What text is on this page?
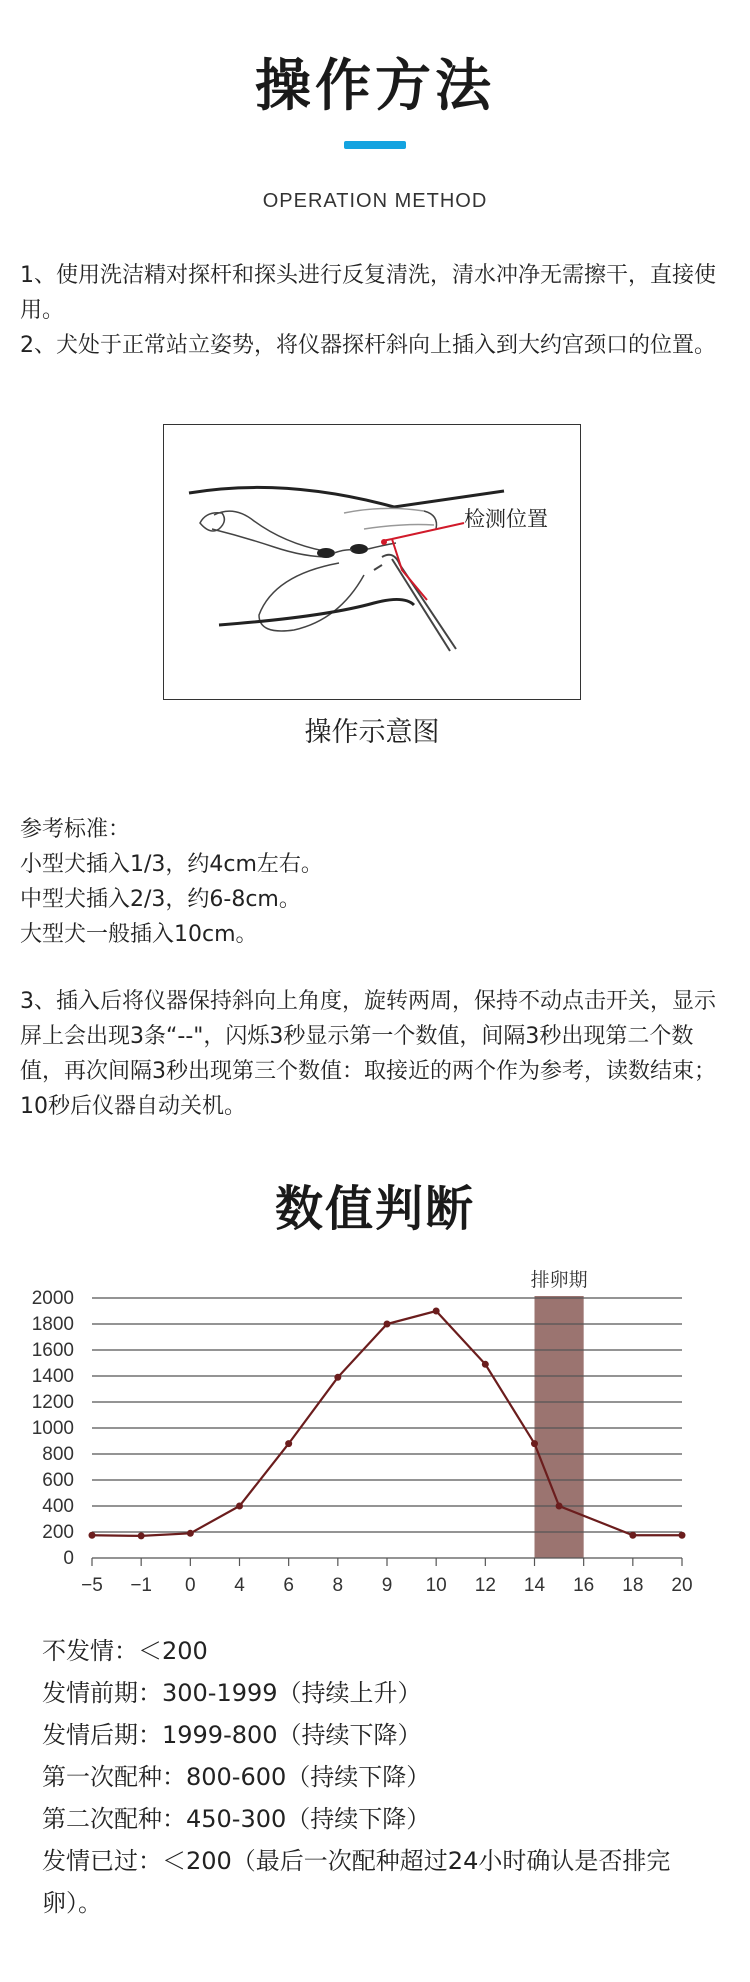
操作方法
OPERATION METHOD
1、使用洗洁精对探杆和探头进行反复清洗，清水冲净无需擦干，直接使用。
2、犬处于正常站立姿势，将仪器探杆斜向上插入到大约宫颈口的位置。
检测位置
操作示意图
参考标准：
小型犬插入1/3，约4cm左右。
中型犬插入2/3，约6-8cm。
大型犬一般插入10cm。
3、插入后将仪器保持斜向上角度，旋转两周，保持不动点击开关，显示屏上会出现3条“--"，闪烁3秒显示第一个数值，间隔3秒出现第二个数值，再次间隔3秒出现第三个数值：取接近的两个作为参考，读数结束； 10秒后仪器自动关机。
数值判断
排卵期
0
200
400
600
800
1000
1200
1400
1600
1800
2000
−5 −1 0 4 6 8 9 10 12 14 16 18 20
不发情：＜200
发情前期：300-1999（持续上升）
发情后期：1999-800（持续下降）
第一次配种：800-600（持续下降）
第二次配种：450-300（持续下降）
发情已过：＜200（最后一次配种超过24小时确认是否排完卵）。
